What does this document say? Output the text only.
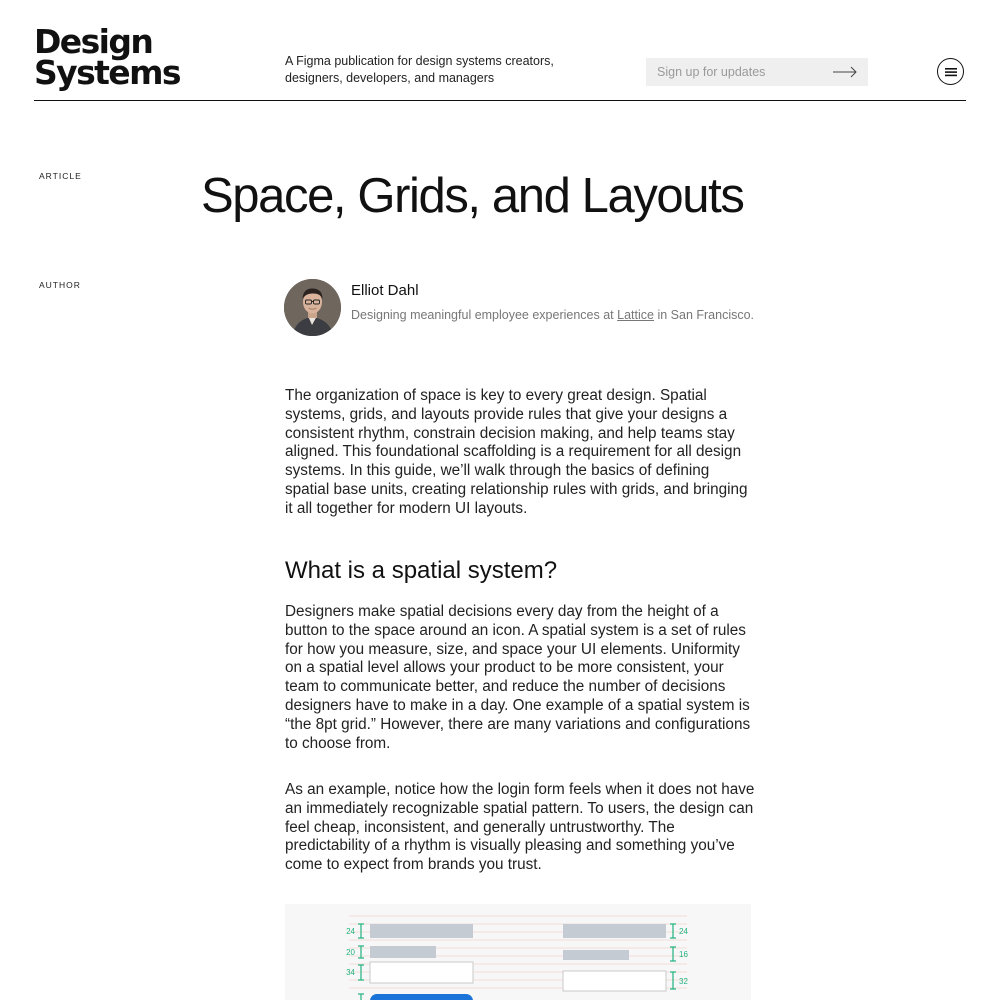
Design
Systems	A Figma publication for design systems creators, designers, developers, and managers
Sign up for updates
ARTICLE Space, Grids, and Layouts
AUTHOR	Elliot Dahl
Designing meaningful employee experiences at Lattice in San Francisco.

The organization of space is key to every great design. Spatial systems, grids, and layouts provide rules that give your designs a consistent rhythm, constrain decision making, and help teams stay aligned. This foundational scaffolding is a requirement for all design systems. In this guide, we’ll walk through the basics of defining spatial base units, creating relationship rules with grids, and bringing it all together for modern UI layouts.

What is a spatial system?

Designers make spatial decisions every day from the height of a button to the space around an icon. A spatial system is a set of rules for how you measure, size, and space your UI elements. Uniformity on a spatial level allows your product to be more consistent, your team to communicate better, and reduce the number of decisions designers have to make in a day. One example of a spatial system is “the 8pt grid.” However, there are many variations and configurations to choose from.

As an example, notice how the login form feels when it does not have an immediately recognizable spatial pattern. To users, the design can feel cheap, inconsistent, and generally untrustworthy. The predictability of a rhythm is visually pleasing and something you’ve come to expect from brands you trust.

24
20
34
24
16
32
